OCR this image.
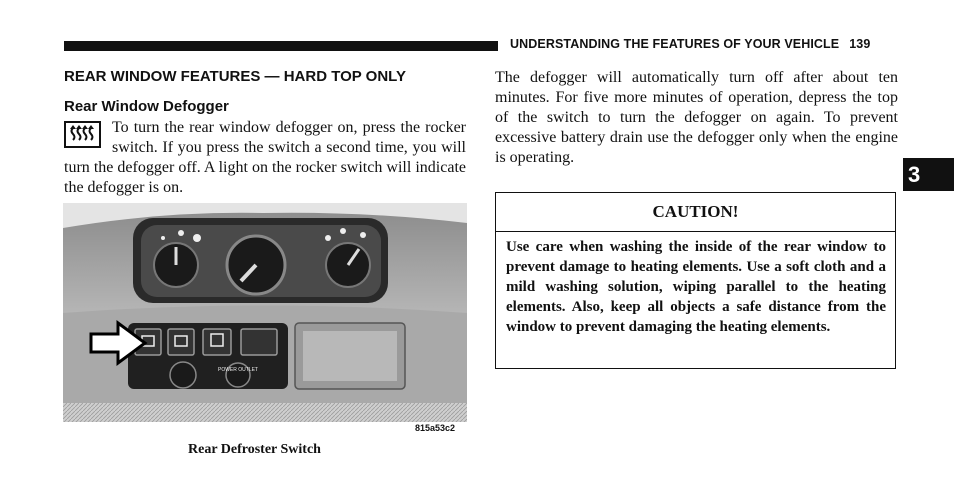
UNDERSTANDING THE FEATURES OF YOUR VEHICLE 139
REAR WINDOW FEATURES — HARD TOP ONLY
Rear Window Defogger
To turn the rear window defogger on, press the rocker switch. If you press the switch a second time, you will turn the defogger off. A light on the rocker switch will indicate the defogger is on.
POWER OUTLET
815a53c2
Rear Defroster Switch
The defogger will automatically turn off after about ten minutes. For five more minutes of operation, depress the top of the switch to turn the defogger on again. To prevent excessive battery drain use the defogger only when the engine is operating.
CAUTION!
Use care when washing the inside of the rear window to prevent damage to heating elements. Use a soft cloth and a mild washing solution, wiping parallel to the heating elements. Also, keep all objects a safe distance from the window to prevent damaging the heating elements.
3
